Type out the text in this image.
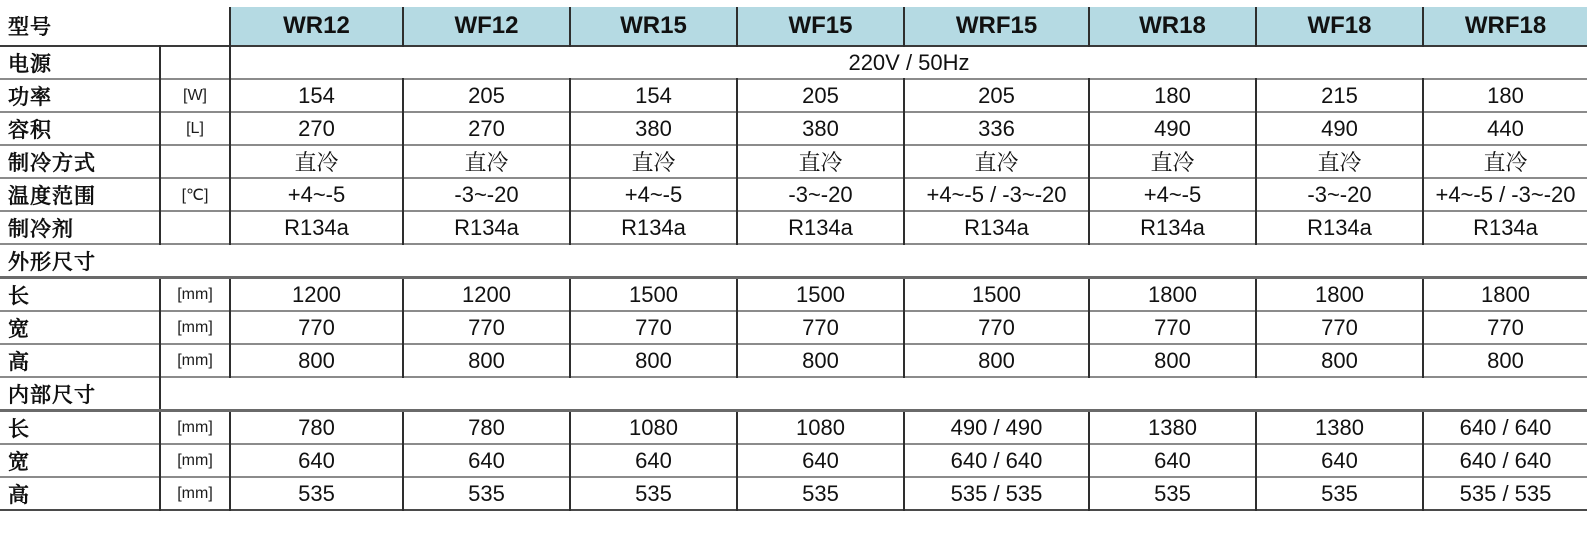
型号		WR12	WF12	WR15	WF15	WRF15	WR18	WF18	WRF18
电源		220V / 50Hz							
功率	[W]	154	205	154	205	205	180	215	180
容积	[L]	270	270	380	380	336	490	490	440
制冷方式		直冷	直冷	直冷	直冷	直冷	直冷	直冷	直冷
温度范围	[℃]	+4~-5	-3~-20	+4~-5	-3~-20	+4~-5 / -3~-20	+4~-5	-3~-20	+4~-5 / -3~-20
制冷剂		R134a	R134a	R134a	R134a	R134a	R134a	R134a	R134a
外形尺寸									
长	[mm]	1200	1200	1500	1500	1500	1800	1800	1800
宽	[mm]	770	770	770	770	770	770	770	770
高	[mm]	800	800	800	800	800	800	800	800
内部尺寸									
长	[mm]	780	780	1080	1080	490 / 490	1380	1380	640 / 640
宽	[mm]	640	640	640	640	640 / 640	640	640	640 / 640
高	[mm]	535	535	535	535	535 / 535	535	535	535 / 535
